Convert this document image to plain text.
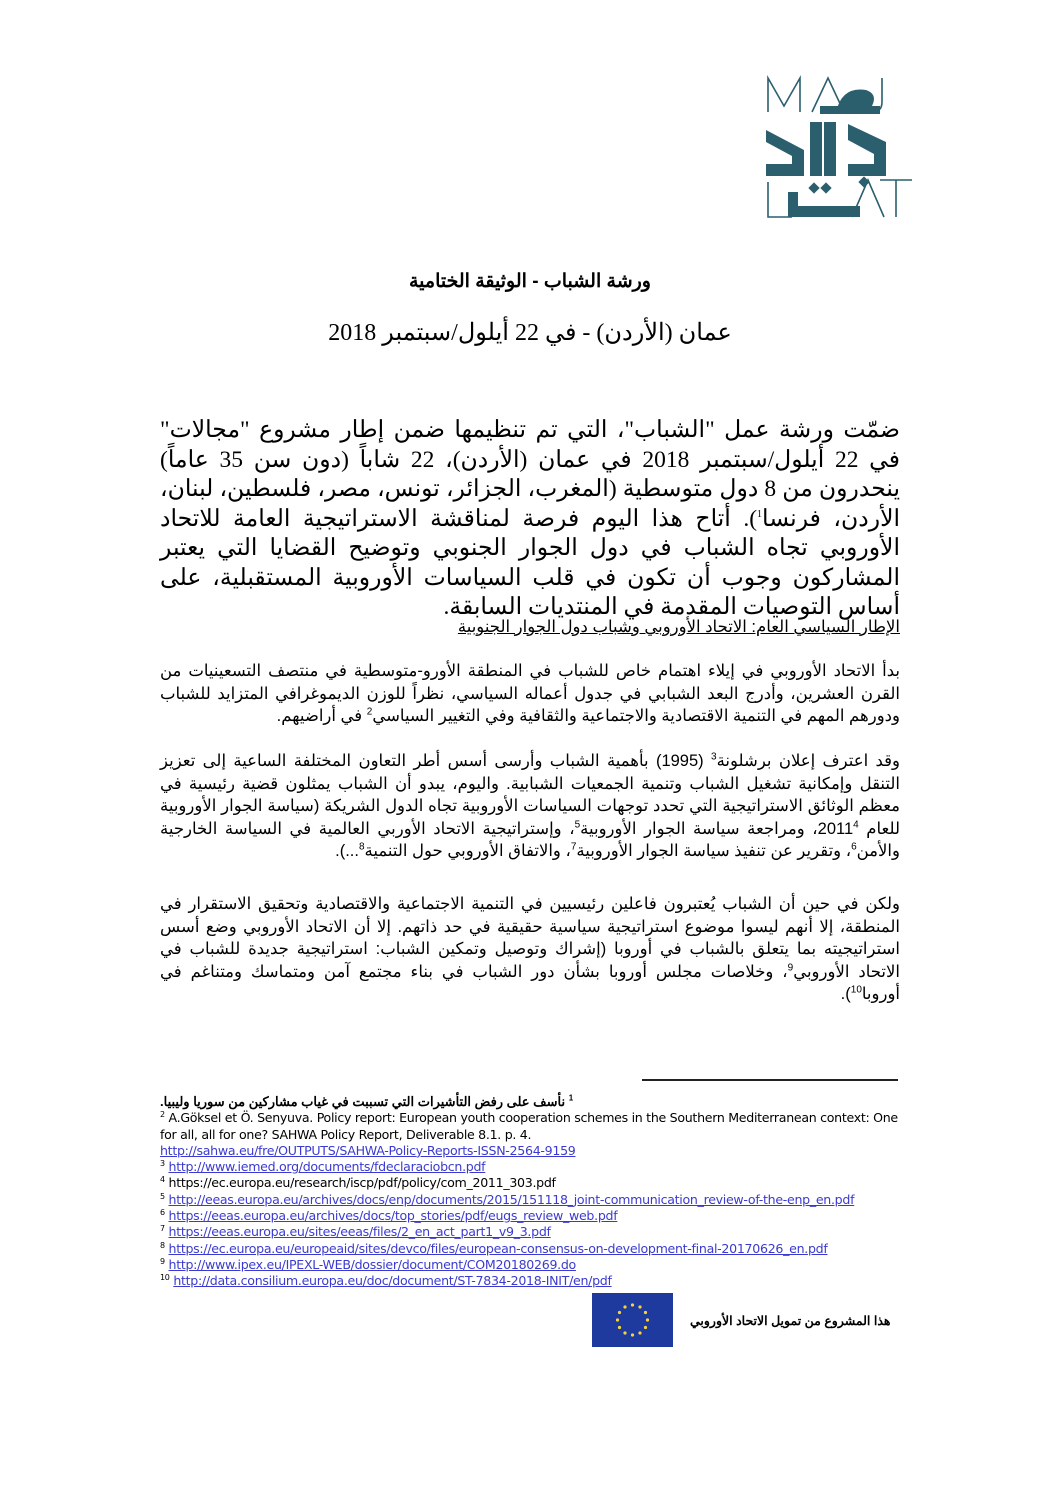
ورشة الشباب - الوثيقة الختامية
عمان (الأردن) - في 22 أيلول/سبتمبر 2018
ضمّت ورشة عمل "الشباب"، التي تم تنظيمها ضمن إطار مشروع "مجالات" في 22 أيلول/سبتمبر 2018 في عمان (الأردن)، 22 شاباً (دون سن 35 عاماً) ينحدرون من 8 دول متوسطية (المغرب، الجزائر، تونس، مصر، فلسطين، لبنان، الأردن، فرنسا$^1$). أتاح هذا اليوم فرصة لمناقشة الاستراتيجية العامة للاتحاد الأوروبي تجاه الشباب في دول الجوار الجنوبي وتوضيح القضايا التي يعتبر المشاركون وجوب أن تكون في قلب السياسات الأوروبية المستقبلية، على أساس التوصيات المقدمة في المنتديات السابقة.
الإطار السياسي العام: الاتحاد الأوروبي وشباب دول الجوار الجنوبية
بدأ الاتحاد الأوروبي في إيلاء اهتمام خاص للشباب في المنطقة الأورو-متوسطية في منتصف التسعينيات من القرن العشرين، وأدرج البعد الشبابي في جدول أعماله السياسي، نظراً للوزن الديموغرافي المتزايد للشباب ودورهم المهم في التنمية الاقتصادية والاجتماعية والثقافية وفي التغيير السياسي$^2$ في أراضيهم.
وقد اعترف إعلان برشلونة$^3$ (1995) بأهمية الشباب وأرسى أسس أطر التعاون المختلفة الساعية إلى تعزيز التنقل وإمكانية تشغيل الشباب وتنمية الجمعيات الشبابية. واليوم، يبدو أن الشباب يمثلون قضية رئيسية في معظم الوثائق الاستراتيجية التي تحدد توجهات السياسات الأوروبية تجاه الدول الشريكة (سياسة الجوار الأوروبية للعام 2011$^4$، ومراجعة سياسة الجوار الأوروبية$^5$، وإستراتيجية الاتحاد الأوربي العالمية في السياسة الخارجية والأمن$^6$، وتقرير عن تنفيذ سياسة الجوار الأوروبية$^7$، والاتفاق الأوروبي حول التنمية$^8$...).
ولكن في حين أن الشباب يُعتبرون فاعلين رئيسيين في التنمية الاجتماعية والاقتصادية وتحقيق الاستقرار في المنطقة، إلا أنهم ليسوا موضوع استراتيجية سياسية حقيقية في حد ذاتهم. إلا أن الاتحاد الأوروبي وضع أسس استراتيجيته بما يتعلق بالشباب في أوروبا (إشراك وتوصيل وتمكين الشباب: استراتيجية جديدة للشباب في الاتحاد الأوروبي$^9$، وخلاصات مجلس أوروبا بشأن دور الشباب في بناء مجتمع آمن ومتماسك ومتناغم في أوروبا$^{10}$).
$^1$ نأسف على رفض التأشيرات التي تسببت في غياب مشاركين من سوريا وليبيا.
$^2$ A.Göksel et Ö. Senyuva. Policy report: European youth cooperation schemes in the Southern Mediterranean context: One for all, all for one? SAHWA Policy Report, Deliverable 8.1. p. 4.
http://sahwa.eu/fre/OUTPUTS/SAHWA-Policy-Reports-ISSN-2564-9159
$^3$ http://www.iemed.org/documents/fdeclaraciobcn.pdf
$^4$ https://ec.europa.eu/research/iscp/pdf/policy/com_2011_303.pdf
$^5$ http://eeas.europa.eu/archives/docs/enp/documents/2015/151118_joint-communication_review-of-the-enp_en.pdf
$^6$ https://eeas.europa.eu/archives/docs/top_stories/pdf/eugs_review_web.pdf
$^7$ https://eeas.europa.eu/sites/eeas/files/2_en_act_part1_v9_3.pdf
$^8$ https://ec.europa.eu/europeaid/sites/devco/files/european-consensus-on-development-final-20170626_en.pdf
$^9$ http://www.ipex.eu/IPEXL-WEB/dossier/document/COM20180269.do
$^{10}$ http://data.consilium.europa.eu/doc/document/ST-7834-2018-INIT/en/pdf
هذا المشروع من تمويل الاتحاد الأوروبي
